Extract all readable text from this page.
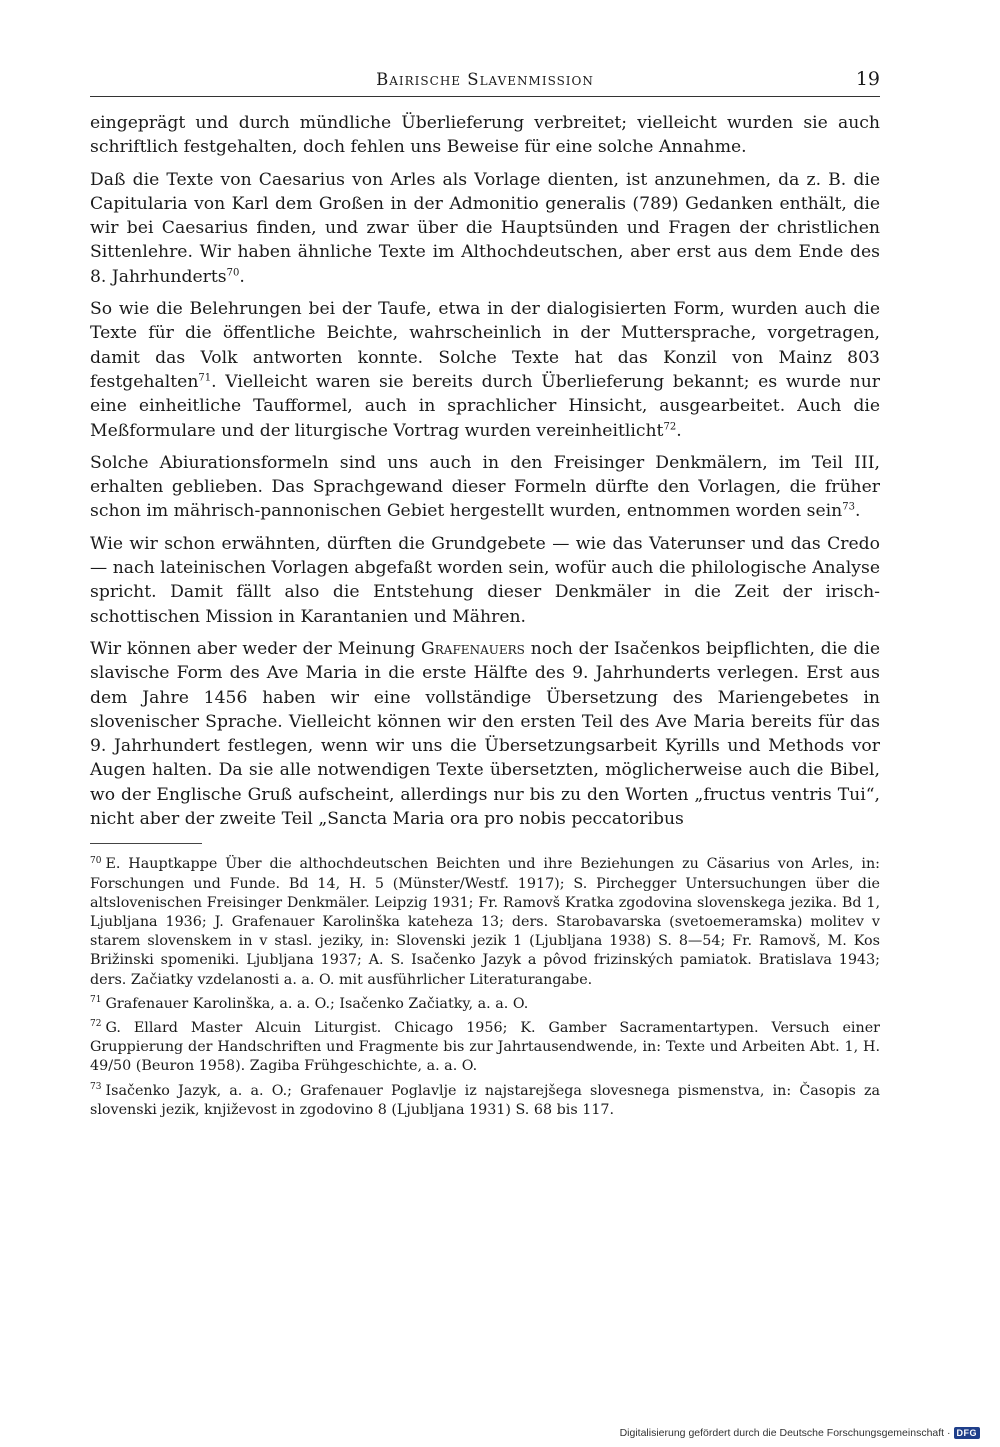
Bairische Slavenmission	19

eingeprägt und durch mündliche Überlieferung verbreitet; vielleicht wurden sie auch schriftlich festgehalten, doch fehlen uns Beweise für eine solche Annahme.

Daß die Texte von Caesarius von Arles als Vorlage dienten, ist anzunehmen, da z. B. die Capitularia von Karl dem Großen in der Admonitio generalis (789) Gedanken enthält, die wir bei Caesarius finden, und zwar über die Hauptsünden und Fragen der christlichen Sittenlehre. Wir haben ähnliche Texte im Althochdeutschen, aber erst aus dem Ende des 8. Jahrhunderts$^{70}$.

So wie die Belehrungen bei der Taufe, etwa in der dialogisierten Form, wurden auch die Texte für die öffentliche Beichte, wahrscheinlich in der Muttersprache, vorgetragen, damit das Volk antworten konnte. Solche Texte hat das Konzil von Mainz 803 festgehalten$^{71}$. Vielleicht waren sie bereits durch Überlieferung bekannt; es wurde nur eine einheitliche Taufformel, auch in sprachlicher Hinsicht, ausgearbeitet. Auch die Meßformulare und der liturgische Vortrag wurden vereinheitlicht$^{72}$.

Solche Abiurationsformeln sind uns auch in den Freisinger Denkmälern, im Teil III, erhalten geblieben. Das Sprachgewand dieser Formeln dürfte den Vorlagen, die früher schon im mährisch-pannonischen Gebiet hergestellt wurden, entnommen worden sein$^{73}$.

Wie wir schon erwähnten, dürften die Grundgebete — wie das Vaterunser und das Credo — nach lateinischen Vorlagen abgefaßt worden sein, wofür auch die philologische Analyse spricht. Damit fällt also die Entstehung dieser Denkmäler in die Zeit der irisch-schottischen Mission in Karantanien und Mähren.

Wir können aber weder der Meinung Grafenauers noch der Isačenkos beipflichten, die die slavische Form des Ave Maria in die erste Hälfte des 9. Jahrhunderts verlegen. Erst aus dem Jahre 1456 haben wir eine vollständige Übersetzung des Mariengebetes in slovenischer Sprache. Vielleicht können wir den ersten Teil des Ave Maria bereits für das 9. Jahrhundert festlegen, wenn wir uns die Übersetzungsarbeit Kyrills und Methods vor Augen halten. Da sie alle notwendigen Texte übersetzten, möglicherweise auch die Bibel, wo der Englische Gruß aufscheint, allerdings nur bis zu den Worten „fructus ventris Tui“, nicht aber der zweite Teil „Sancta Maria ora pro nobis peccatoribus

$^{70}$ E. Hauptkappe Über die althochdeutschen Beichten und ihre Beziehungen zu Cäsarius von Arles, in: Forschungen und Funde. Bd 14, H. 5 (Münster/Westf. 1917); S. Pirchegger Untersuchungen über die altslovenischen Freisinger Denkmäler. Leipzig 1931; Fr. Ramovš Kratka zgodovina slovenskega jezika. Bd 1, Ljubljana 1936; J. Grafenauer Karolinška kateheza 13; ders. Starobavarska (svetoemeramska) molitev v starem slovenskem in v stasl. jeziky, in: Slovenski jezik 1 (Ljubljana 1938) S. 8—54; Fr. Ramovš, M. Kos Brižinski spomeniki. Ljubljana 1937; A. S. Isačenko Jazyk a pôvod frizinských pamiatok. Bratislava 1943; ders. Začiatky vzdelanosti a. a. O. mit ausführlicher Literaturangabe.

$^{71}$ Grafenauer Karolinška, a. a. O.; Isačenko Začiatky, a. a. O.

$^{72}$ G. Ellard Master Alcuin Liturgist. Chicago 1956; K. Gamber Sacramentartypen. Versuch einer Gruppierung der Handschriften und Fragmente bis zur Jahrtausendwende, in: Texte und Arbeiten Abt. 1, H. 49/50 (Beuron 1958). Zagiba Frühgeschichte, a. a. O.

$^{73}$ Isačenko Jazyk, a. a. O.; Grafenauer Poglavlje iz najstarejšega slovesnega pismenstva, in: Časopis za slovenski jezik, književost in zgodovino 8 (Ljubljana 1931) S. 68 bis 117.

Digitalisierung gefördert durch die Deutsche Forschungsgemeinschaft · DFG
